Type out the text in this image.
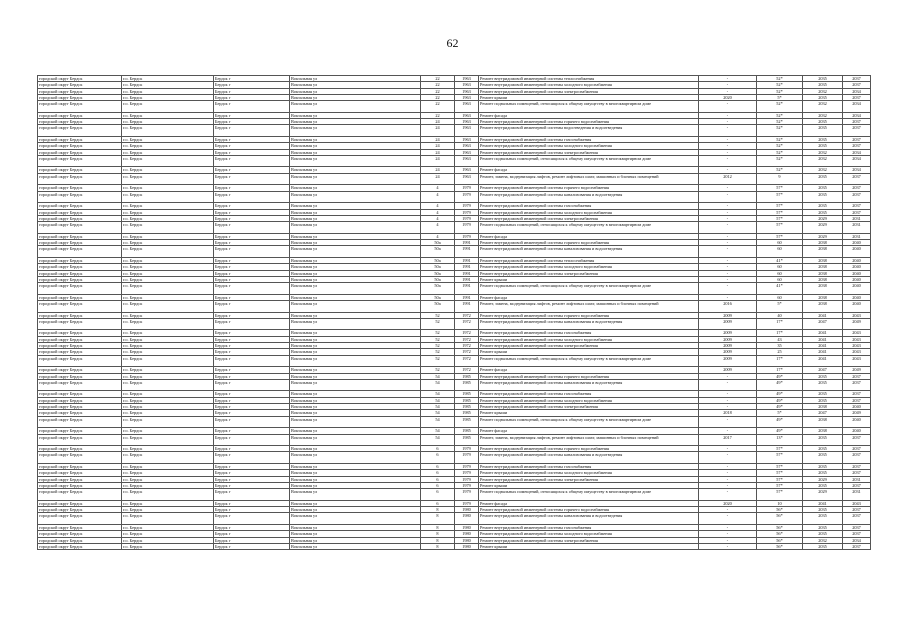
62
городской округ Бердск	г.о. Бердск	Бердск г	Вокзальная ул	22	1963	Ремонт внутридомовой инженерной системы теплоснабжения	-	52*	2035	2037
городской округ Бердск	г.о. Бердск	Бердск г	Вокзальная ул	22	1963	Ремонт внутридомовой инженерной системы холодного водоснабжения	-	52*	2035	2037
городской округ Бердск	г.о. Бердск	Бердск г	Вокзальная ул	22	1963	Ремонт внутридомовой инженерной системы электроснабжения	-	52*	2032	2034
городской округ Бердск	г.о. Бердск	Бердск г	Вокзальная ул	22	1963	Ремонт крыши	2020	5*	2035	2037
городской округ Бердск	г.о. Бердск	Бердск г	Вокзальная ул	22	1963	Ремонт подвальных помещений, относящихся к общему имуществу в многоквартирном доме	-	52*	2032	2034
городской округ Бердск	г.о. Бердск	Бердск г	Вокзальная ул	22	1963	Ремонт фасада	-	52*	2032	2034
городской округ Бердск	г.о. Бердск	Бердск г	Вокзальная ул	24	1963	Ремонт внутридомовой инженерной системы горячего водоснабжения	-	52*	2035	2037
городской округ Бердск	г.о. Бердск	Бердск г	Вокзальная ул	24	1963	Ремонт внутридомовой инженерной системы водоотведения и водоотведения	-	52*	2035	2037
городской округ Бердск	г.о. Бердск	Бердск г	Вокзальная ул	24	1963	Ремонт внутридомовой инженерной системы газоснабжения	-	52*	2035	2037
городской округ Бердск	г.о. Бердск	Бердск г	Вокзальная ул	24	1963	Ремонт внутридомовой инженерной системы холодного водоснабжения	-	52*	2035	2037
городской округ Бердск	г.о. Бердск	Бердск г	Вокзальная ул	24	1963	Ремонт внутридомовой инженерной системы электроснабжения	-	52*	2032	2034
городской округ Бердск	г.о. Бердск	Бердск г	Вокзальная ул	24	1963	Ремонт подвальных помещений, относящихся к общему имуществу в многоквартирном доме	-	52*	2032	2034
городской округ Бердск	г.о. Бердск	Бердск г	Вокзальная ул	24	1963	Ремонт фасада	-	52*	2032	2034
городской округ Бердск	г.о. Бердск	Бердск г	Вокзальная ул	24	1963	Ремонт, замена, модернизация лифтов, ремонт лифтовых шахт, машинных и блочных помещений	2012	9	2035	2037
городской округ Бердск	г.о. Бердск	Бердск г	Вокзальная ул	4	1979	Ремонт внутридомовой инженерной системы горячего водоснабжения	-	57*	2035	2037
городской округ Бердск	г.о. Бердск	Бердск г	Вокзальная ул	4	1979	Ремонт внутридомовой инженерной системы канализования и водоотведения	-	57*	2035	2037
городской округ Бердск	г.о. Бердск	Бердск г	Вокзальная ул	4	1979	Ремонт внутридомовой инженерной системы газоснабжения	-	57*	2035	2037
городской округ Бердск	г.о. Бердск	Бердск г	Вокзальная ул	4	1979	Ремонт внутридомовой инженерной системы холодного водоснабжения	-	57*	2035	2037
городской округ Бердск	г.о. Бердск	Бердск г	Вокзальная ул	4	1979	Ремонт внутридомовой инженерной системы электроснабжения	-	57*	2029	2031
городской округ Бердск	г.о. Бердск	Бердск г	Вокзальная ул	4	1979	Ремонт подвальных помещений, относящихся к общему имуществу в многоквартирном доме	-	57*	2029	2031
городской округ Бердск	г.о. Бердск	Бердск г	Вокзальная ул	4	1979	Ремонт фасада	-	57*	2029	2031
городской округ Бердск	г.о. Бердск	Бердск г	Вокзальная ул	50а	1991	Ремонт внутридомовой инженерной системы горячего водоснабжения	-	60	2038	2040
городской округ Бердск	г.о. Бердск	Бердск г	Вокзальная ул	50а	1991	Ремонт внутридомовой инженерной системы канализования и водоотведения	-	60	2038	2040
городской округ Бердск	г.о. Бердск	Бердск г	Вокзальная ул	50а	1991	Ремонт внутридомовой инженерной системы теплоснабжения	-	41*	2038	2040
городской округ Бердск	г.о. Бердск	Бердск г	Вокзальная ул	50а	1991	Ремонт внутридомовой инженерной системы холодного водоснабжения	-	60	2038	2040
городской округ Бердск	г.о. Бердск	Бердск г	Вокзальная ул	50а	1991	Ремонт внутридомовой инженерной системы электроснабжения	-	60	2038	2040
городской округ Бердск	г.о. Бердск	Бердск г	Вокзальная ул	50а	1991	Ремонт крыши	-	60	2038	2040
городской округ Бердск	г.о. Бердск	Бердск г	Вокзальная ул	50а	1991	Ремонт подвальных помещений, относящихся к общему имуществу в многоквартирном доме	-	41*	2038	2040
городской округ Бердск	г.о. Бердск	Бердск г	Вокзальная ул	50а	1991	Ремонт фасада	-	60	2038	2040
городской округ Бердск	г.о. Бердск	Бердск г	Вокзальная ул	50а	1991	Ремонт, замена, модернизация лифтов, ремонт лифтовых шахт, машинных и блочных помещений	2016	5*	2038	2040
городской округ Бердск	г.о. Бердск	Бердск г	Вокзальная ул	52	1972	Ремонт внутридомовой инженерной системы горячего водоснабжения	2009	40	2041	2043
городской округ Бердск	г.о. Бердск	Бердск г	Вокзальная ул	52	1972	Ремонт внутридомовой инженерной системы канализования и водоотведения	2009	17*	2047	2049
городской округ Бердск	г.о. Бердск	Бердск г	Вокзальная ул	52	1972	Ремонт внутридомовой инженерной системы газоснабжения	2009	17*	2041	2043
городской округ Бердск	г.о. Бердск	Бердск г	Вокзальная ул	52	1972	Ремонт внутридомовой инженерной системы холодного водоснабжения	2009	43	2041	2043
городской округ Бердск	г.о. Бердск	Бердск г	Вокзальная ул	52	1972	Ремонт внутридомовой инженерной системы электроснабжения	2009	35	2041	2043
городской округ Бердск	г.о. Бердск	Бердск г	Вокзальная ул	52	1972	Ремонт крыши	2009	25	2041	2043
городской округ Бердск	г.о. Бердск	Бердск г	Вокзальная ул	52	1972	Ремонт подвальных помещений, относящихся к общему имуществу в многоквартирном доме	2009	17*	2041	2043
городской округ Бердск	г.о. Бердск	Бердск г	Вокзальная ул	52	1972	Ремонт фасада	2009	17*	2047	2049
городской округ Бердск	г.о. Бердск	Бердск г	Вокзальная ул	54	1985	Ремонт внутридомовой инженерной системы горячего водоснабжения	-	49*	2035	2037
городской округ Бердск	г.о. Бердск	Бердск г	Вокзальная ул	54	1985	Ремонт внутридомовой инженерной системы канализования и водоотведения	-	49*	2035	2037
городской округ Бердск	г.о. Бердск	Бердск г	Вокзальная ул	54	1985	Ремонт внутридомовой инженерной системы газоснабжения	-	49*	2035	2037
городской округ Бердск	г.о. Бердск	Бердск г	Вокзальная ул	54	1985	Ремонт внутридомовой инженерной системы холодного водоснабжения	-	49*	2035	2037
городской округ Бердск	г.о. Бердск	Бердск г	Вокзальная ул	54	1985	Ремонт внутридомовой инженерной системы электроснабжения	-	49*	2038	2040
городской округ Бердск	г.о. Бердск	Бердск г	Вокзальная ул	54	1985	Ремонт крыши	2018	5*	2047	2049
городской округ Бердск	г.о. Бердск	Бердск г	Вокзальная ул	54	1985	Ремонт подвальных помещений, относящихся к общему имуществу в многоквартирном доме	-	49*	2038	2040
городской округ Бердск	г.о. Бердск	Бердск г	Вокзальная ул	54	1985	Ремонт фасада	-	49*	2038	2040
городской округ Бердск	г.о. Бердск	Бердск г	Вокзальная ул	54	1985	Ремонт, замена, модернизация лифтов, ремонт лифтовых шахт, машинных и блочных помещений	2017	13*	2035	2037
городской округ Бердск	г.о. Бердск	Бердск г	Вокзальная ул	6	1979	Ремонт внутридомовой инженерной системы горячего водоснабжения	-	57*	2035	2037
городской округ Бердск	г.о. Бердск	Бердск г	Вокзальная ул	6	1979	Ремонт внутридомовой инженерной системы канализования и водоотведения	-	57*	2035	2037
городской округ Бердск	г.о. Бердск	Бердск г	Вокзальная ул	6	1979	Ремонт внутридомовой инженерной системы газоснабжения	-	57*	2035	2037
городской округ Бердск	г.о. Бердск	Бердск г	Вокзальная ул	6	1979	Ремонт внутридомовой инженерной системы холодного водоснабжения	-	57*	2035	2037
городской округ Бердск	г.о. Бердск	Бердск г	Вокзальная ул	6	1979	Ремонт внутридомовой инженерной системы электроснабжения	-	57*	2029	2031
городской округ Бердск	г.о. Бердск	Бердск г	Вокзальная ул	6	1979	Ремонт крыши	-	57*	2035	2037
городской округ Бердск	г.о. Бердск	Бердск г	Вокзальная ул	6	1979	Ремонт подвальных помещений, относящихся к общему имуществу в многоквартирном доме	-	57*	2029	2031
городской округ Бердск	г.о. Бердск	Бердск г	Вокзальная ул	6	1979	Ремонт фасада	2020	10	2041	2043
городской округ Бердск	г.о. Бердск	Бердск г	Вокзальная ул	8	1980	Ремонт внутридомовой инженерной системы горячего водоснабжения	-	56*	2035	2037
городской округ Бердск	г.о. Бердск	Бердск г	Вокзальная ул	8	1980	Ремонт внутридомовой инженерной системы канализования и водоотведения	-	56*	2035	2037
городской округ Бердск	г.о. Бердск	Бердск г	Вокзальная ул	8	1980	Ремонт внутридомовой инженерной системы газоснабжения	-	56*	2035	2037
городской округ Бердск	г.о. Бердск	Бердск г	Вокзальная ул	8	1980	Ремонт внутридомовой инженерной системы холодного водоснабжения	-	56*	2035	2037
городской округ Бердск	г.о. Бердск	Бердск г	Вокзальная ул	8	1980	Ремонт внутридомовой инженерной системы электроснабжения	-	56*	2032	2034
городской округ Бердск	г.о. Бердск	Бердск г	Вокзальная ул	8	1980	Ремонт крыши	-	56*	2035	2037
